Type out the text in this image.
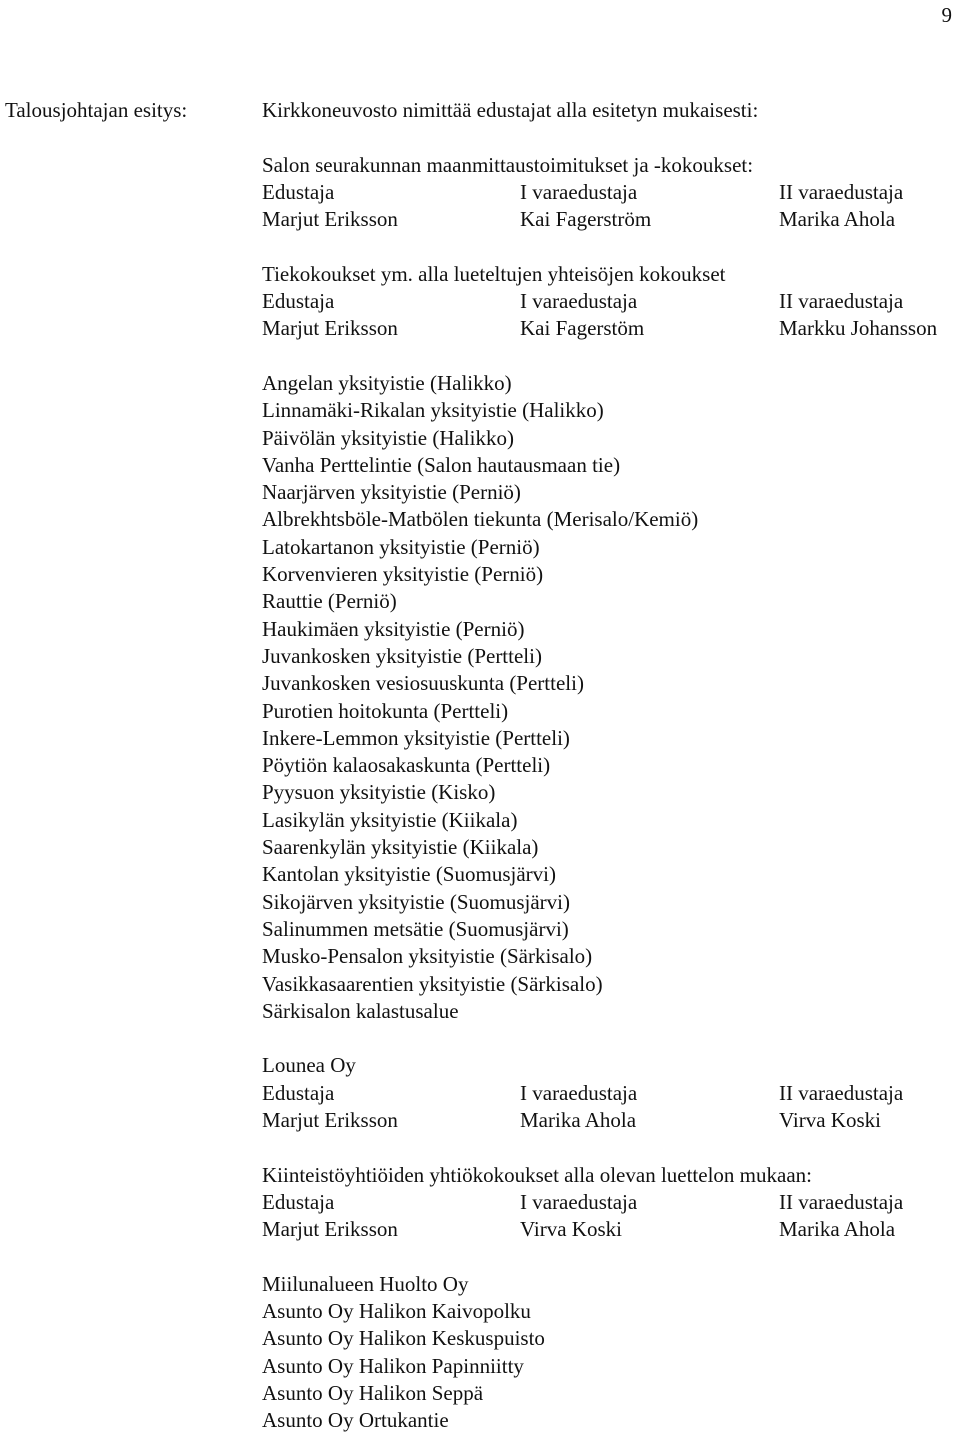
9
Talousjohtajan esitys:	Kirkkoneuvosto nimittää edustajat alla esitetyn mukaisesti:
Salon seurakunnan maanmittaustoimitukset ja -kokoukset:
Edustaja	I varaedustaja	II varaedustaja
Marjut Eriksson	Kai Fagerström	Marika Ahola
Tiekokoukset ym. alla lueteltujen yhteisöjen kokoukset
Edustaja	I varaedustaja	II varaedustaja
Marjut Eriksson	Kai Fagerstöm	Markku Johansson
Angelan yksityistie (Halikko)
Linnamäki-Rikalan yksityistie (Halikko)
Päivölän yksityistie (Halikko)
Vanha Perttelintie (Salon hautausmaan tie)
Naarjärven yksityistie (Perniö)
Albrekhtsböle-Matbölen tiekunta (Merisalo/Kemiö)
Latokartanon yksityistie (Perniö)
Korvenvieren yksityistie (Perniö)
Rauttie (Perniö)
Haukimäen yksityistie (Perniö)
Juvankosken yksityistie (Pertteli)
Juvankosken vesiosuuskunta (Pertteli)
Purotien hoitokunta (Pertteli)
Inkere-Lemmon yksityistie (Pertteli)
Pöytiön kalaosakaskunta (Pertteli)
Pyysuon yksityistie (Kisko)
Lasikylän yksityistie (Kiikala)
Saarenkylän yksityistie (Kiikala)
Kantolan yksityistie (Suomusjärvi)
Sikojärven yksityistie (Suomusjärvi)
Salinummen metsätie (Suomusjärvi)
Musko-Pensalon yksityistie (Särkisalo)
Vasikkasaarentien yksityistie (Särkisalo)
Särkisalon kalastusalue
Lounea Oy
Edustaja	I varaedustaja	II varaedustaja
Marjut Eriksson	Marika Ahola	Virva Koski
Kiinteistöyhtiöiden yhtiökokoukset alla olevan luettelon mukaan:
Edustaja	I varaedustaja	II varaedustaja
Marjut Eriksson	Virva Koski	Marika Ahola
Miilunalueen Huolto Oy
Asunto Oy Halikon Kaivopolku
Asunto Oy Halikon Keskuspuisto
Asunto Oy Halikon Papinniitty
Asunto Oy Halikon Seppä
Asunto Oy Ortukantie
